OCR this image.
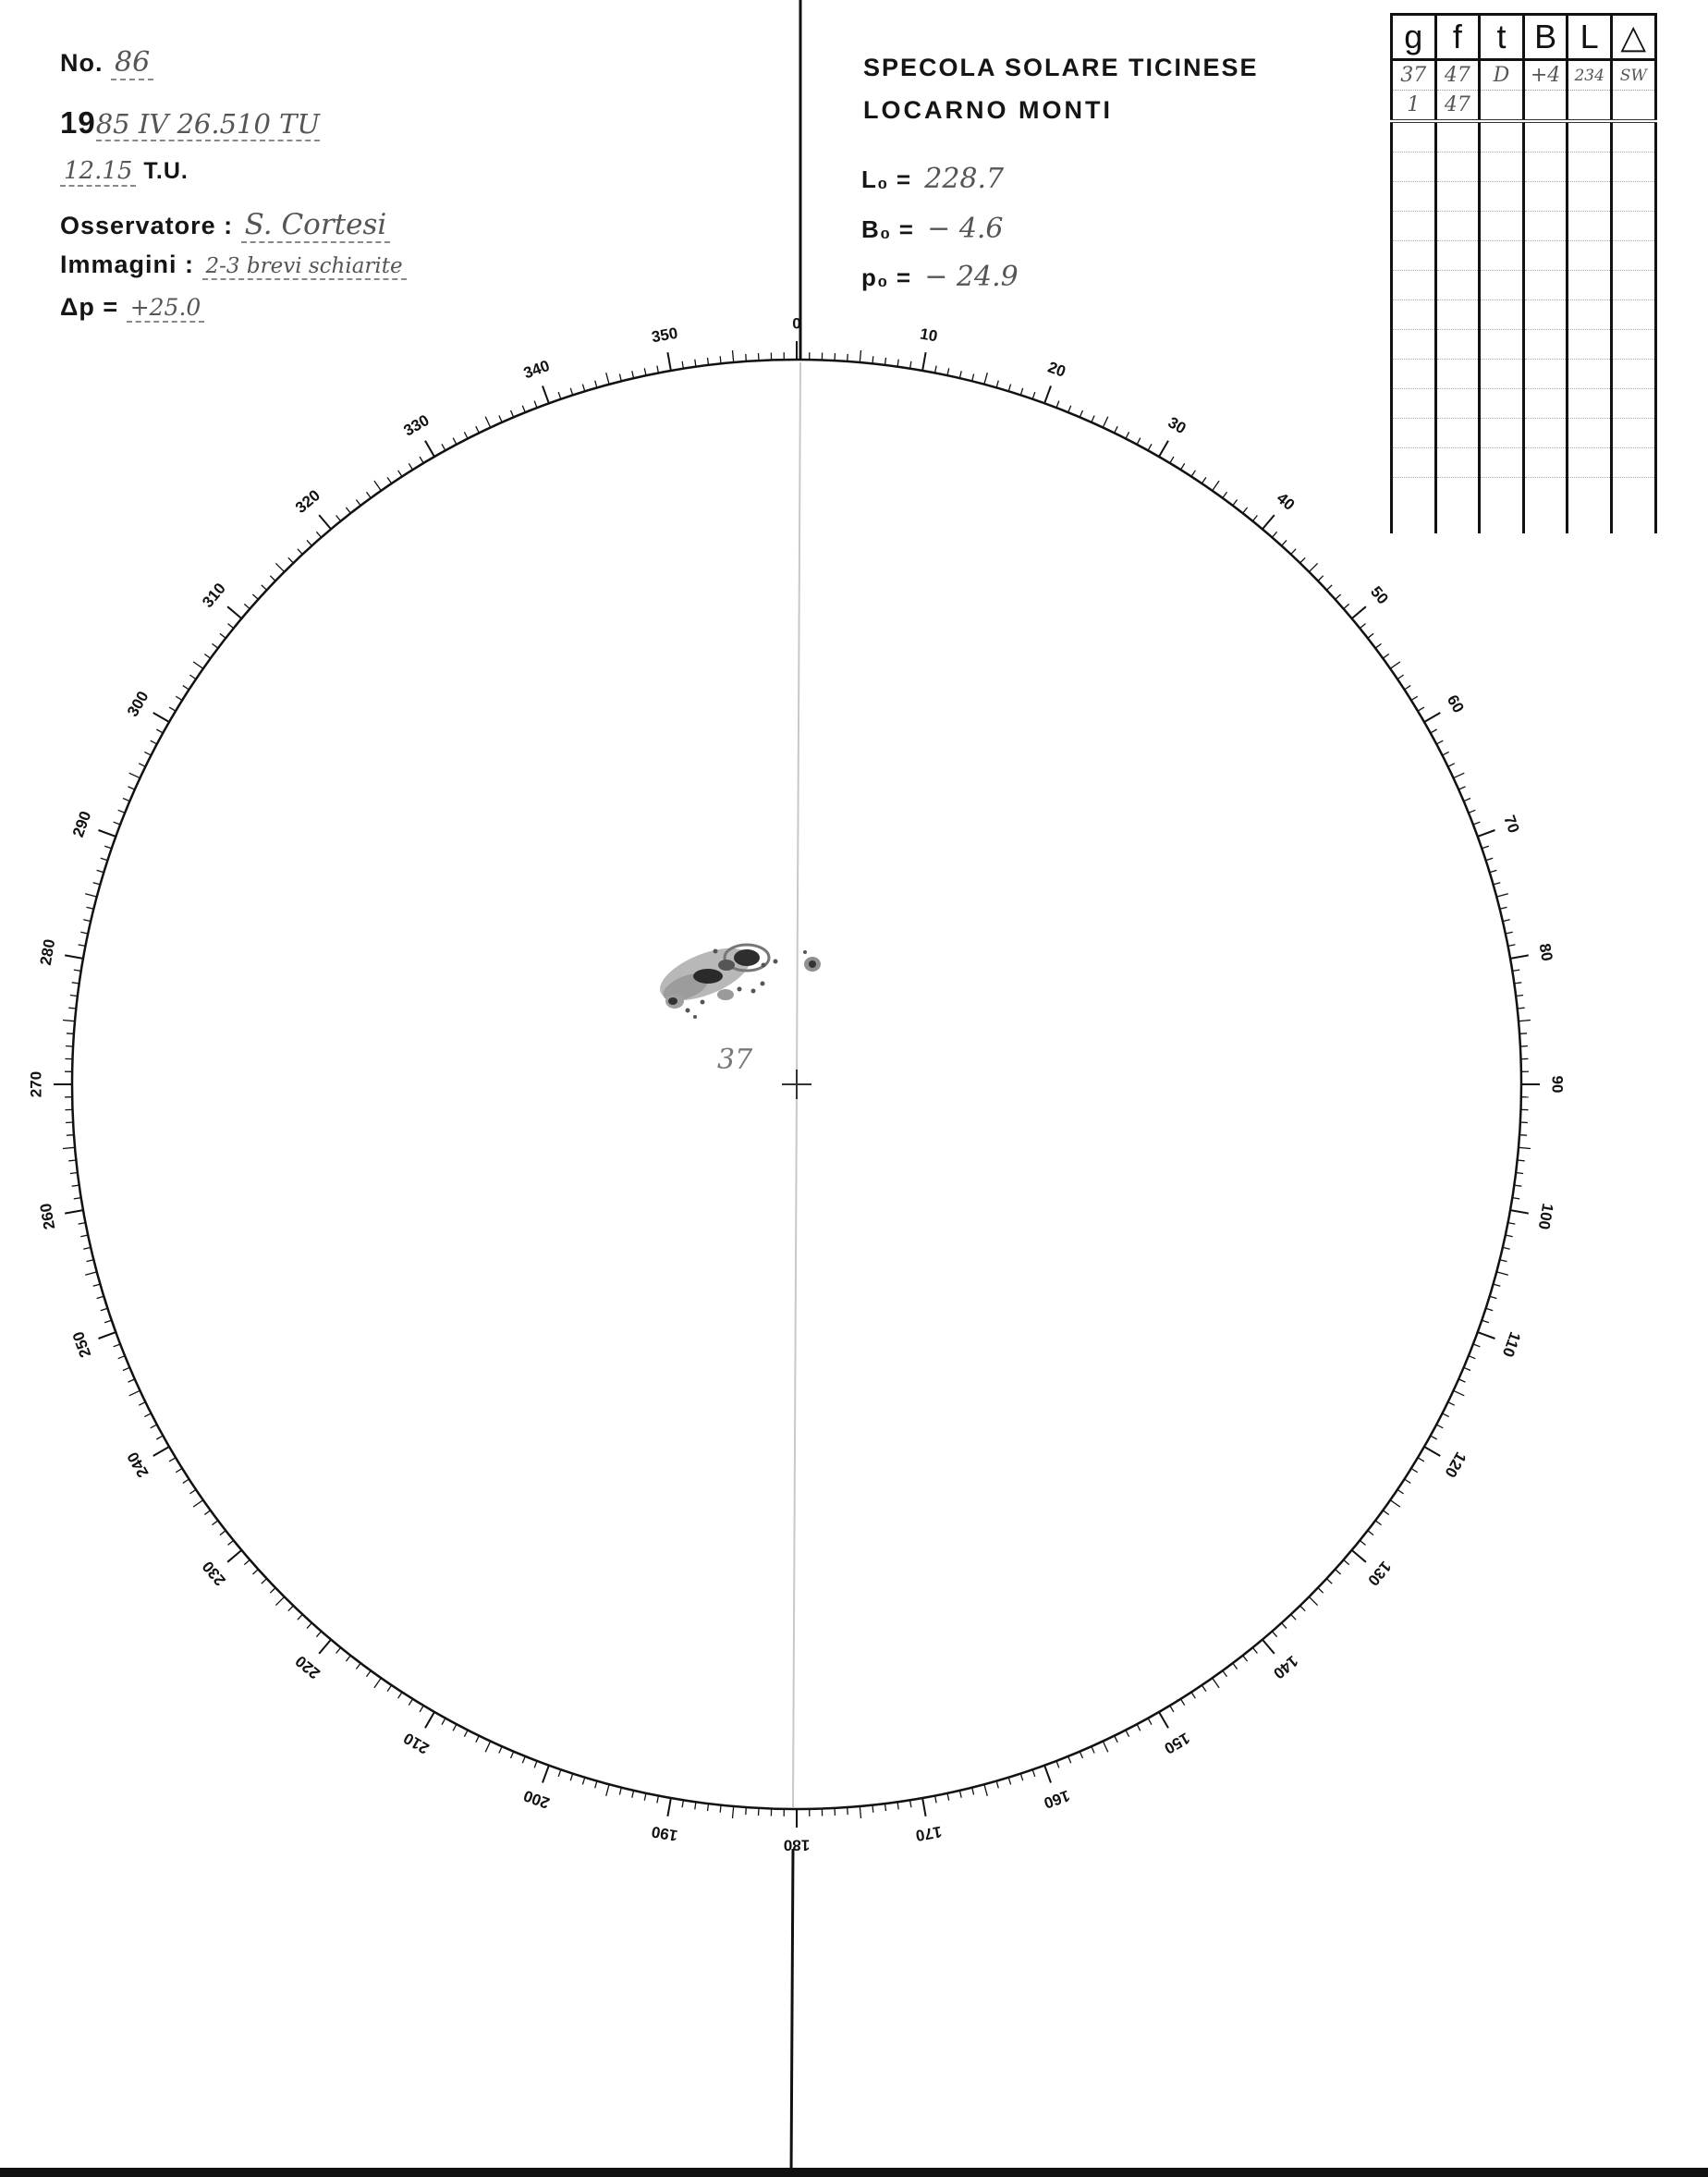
No. 86
1985 IV 26.510 TU
12.15 T.U.
Osservatore : S. Cortesi
Immagini : 2-3 brevi schiarite
Δp = +25.0
SPECOLA SOLARE TICINESE
LOCARNO MONTI
L₀ = 228.7
B₀ = − 4.6
p₀ = − 24.9
g	f	t	B	L	△
37	47	D	+4	234	SW
1	47				

0
10
20
30
40
50
60
70
80
90
100
110
120
130
140
150
160
170
180
190
200
210
220
230
240
250
260
270
280
290
300
310
320
330
340
350
37
